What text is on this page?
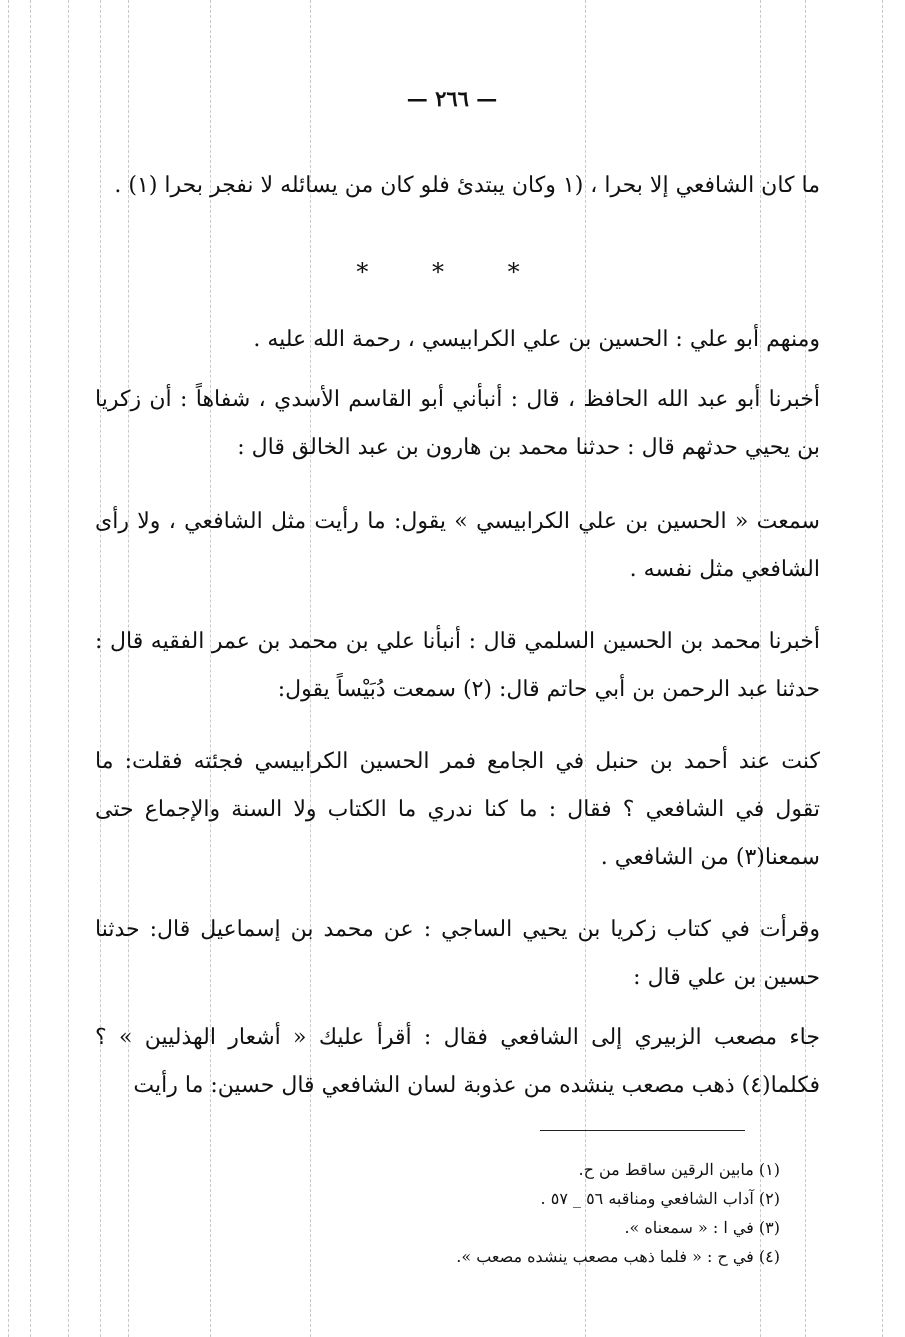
— ٢٦٦ —

ما كان الشافعي إلا بحرا ، (١ وكان يبتدئ فلو كان من يسائله لا نفجر بحرا (١) .

* * *

ومنهم أبو علي : الحسين بن علي الكرابيسي ، رحمة الله عليه .

أخبرنا أبو عبد الله الحافظ ، قال : أنبأني أبو القاسم الأسدي ، شفاهاً : أن زكريا بن يحيي حدثهم قال : حدثنا محمد بن هارون بن عبد الخالق قال :

سمعت « الحسين بن علي الكرابيسي » يقول: ما رأيت مثل الشافعي ، ولا رأى الشافعي مثل نفسه .

أخبرنا محمد بن الحسين السلمي قال : أنبأنا علي بن محمد بن عمر الفقيه قال : حدثنا عبد الرحمن بن أبي حاتم قال: (٢) سمعت دُبَيْساً يقول:

كنت عند أحمد بن حنبل في الجامع فمر الحسين الكرابيسي فجئته فقلت: ما تقول في الشافعي ؟ فقال : ما كنا ندري ما الكتاب ولا السنة والإجماع حتى سمعنا(٣) من الشافعي .

وقرأت في كتاب زكريا بن يحيي الساجي : عن محمد بن إسماعيل قال: حدثنا حسين بن علي قال :

جاء مصعب الزبيري إلى الشافعي فقال : أقرأ عليك « أشعار الهذليين » ؟ فكلما(٤) ذهب مصعب ينشده من عذوبة لسان الشافعي قال حسين: ما رأيت

(١) مابين الرقين ساقط من ح.
(٢) آداب الشافعي ومناقبه ٥٦ _ ٥٧ .
(٣) في ا : « سمعناه ».
(٤) في ح : « فلما ذهب مصعب ينشده مصعب ».
